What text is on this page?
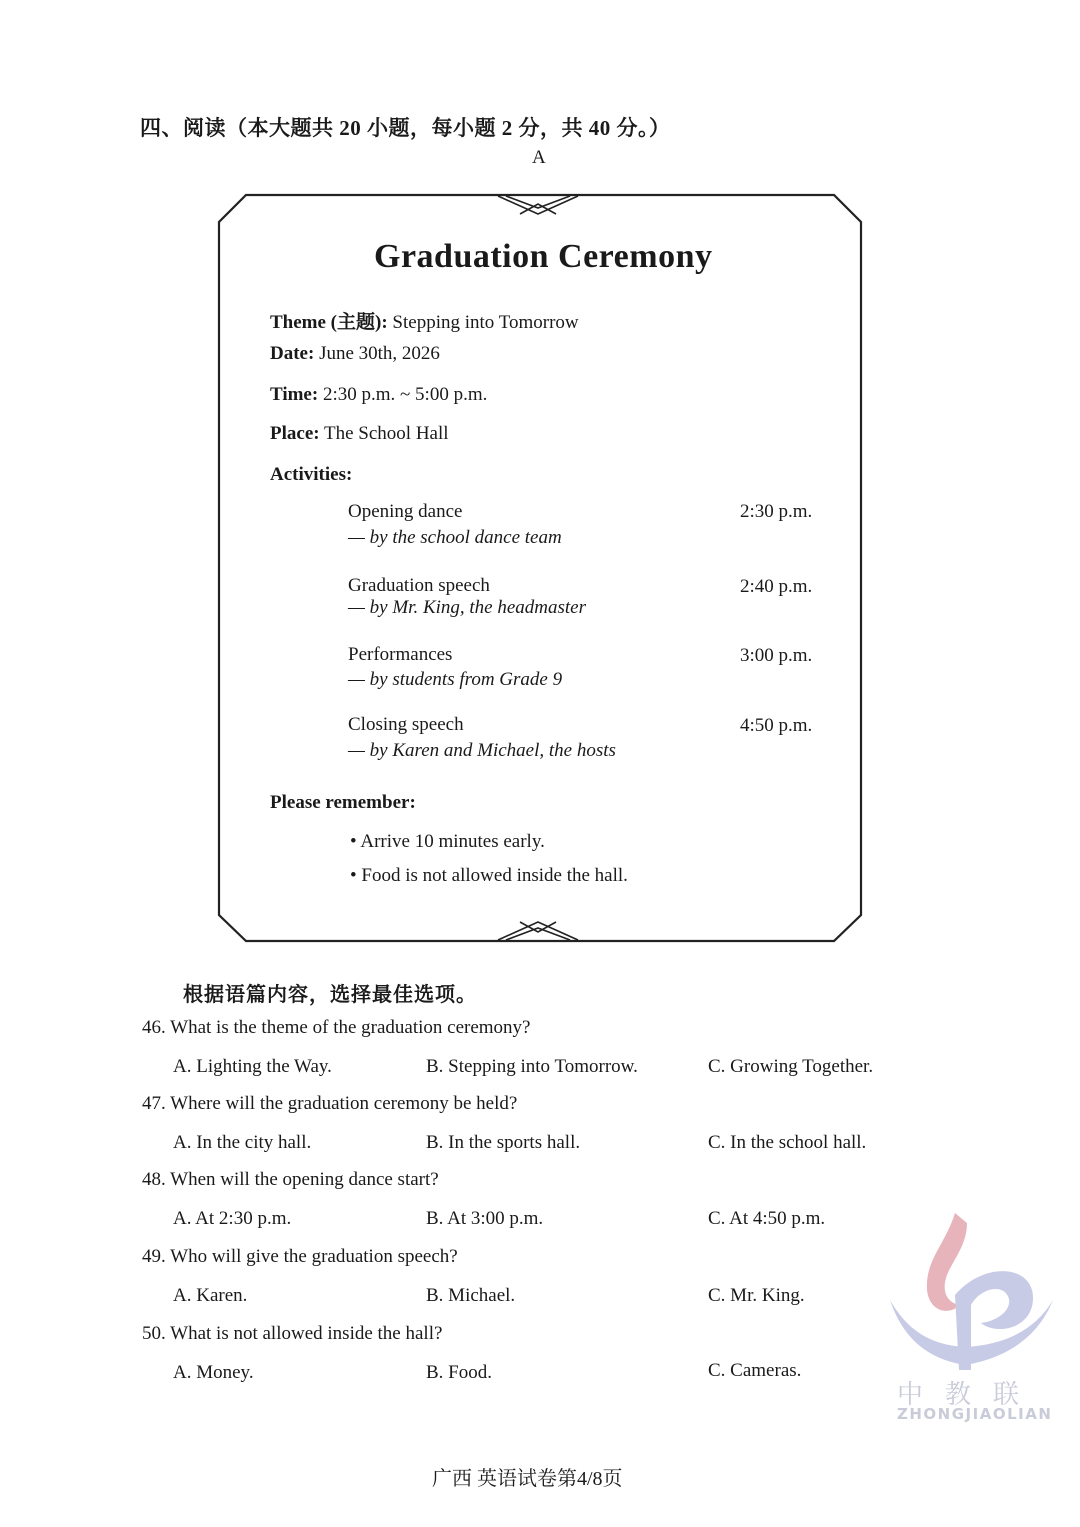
四、阅读（本大题共 20 小题，每小题 2 分，共 40 分。）
A
Graduation Ceremony
Theme (主题): Stepping into Tomorrow
Date: June 30th, 2026
Time: 2:30 p.m. ~ 5:00 p.m.
Place: The School Hall
Activities:
Opening dance
— by the school dance team
2:30 p.m.
Graduation speech
— by Mr. King, the headmaster
2:40 p.m.
Performances
— by students from Grade 9
3:00 p.m.
Closing speech
— by Karen and Michael, the hosts
4:50 p.m.
Please remember:
• Arrive 10 minutes early.
• Food is not allowed inside the hall.
根据语篇内容，选择最佳选项。
46. What is the theme of the graduation ceremony?
A. Lighting the Way.	B. Stepping into Tomorrow.	C. Growing Together.
47. Where will the graduation ceremony be held?
A. In the city hall.	B. In the sports hall.	C. In the school hall.
48. When will the opening dance start?
A. At 2:30 p.m.	B. At 3:00 p.m.	C. At 4:50 p.m.
49. Who will give the graduation speech?
A. Karen.	B. Michael.	C. Mr. King.
50. What is not allowed inside the hall?
A. Money.	B. Food.	C. Cameras.
中教联
ZHONGJIAOLIAN
广西 英语试卷第4/8页
